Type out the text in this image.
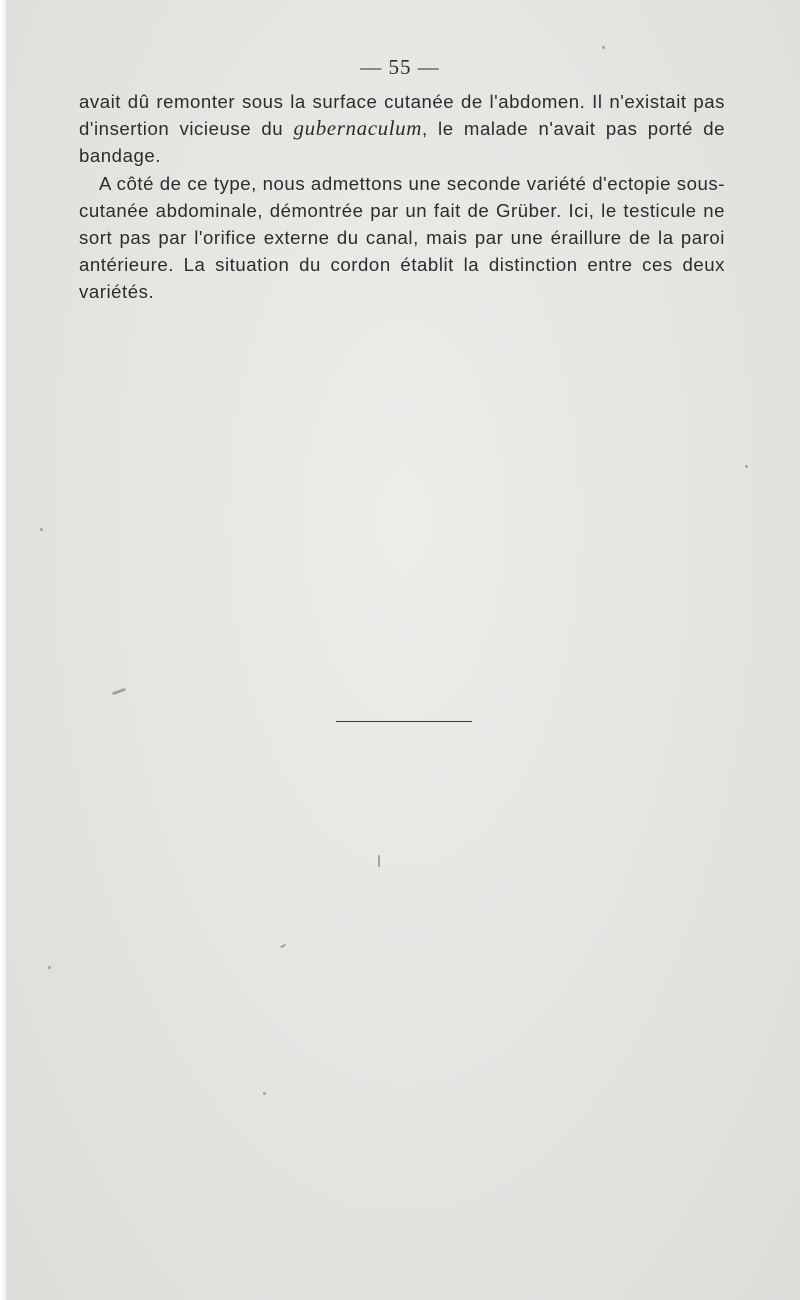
— 55 —

avait dû remonter sous la surface cutanée de l'abdomen. Il n'existait pas d'insertion vicieuse du gubernaculum, le malade n'avait pas porté de bandage.

A côté de ce type, nous admettons une seconde variété d'ectopie sous-cutanée abdominale, démontrée par un fait de Grüber. Ici, le testicule ne sort pas par l'orifice externe du canal, mais par une éraillure de la paroi antérieure. La situation du cordon établit la distinction entre ces deux variétés.
